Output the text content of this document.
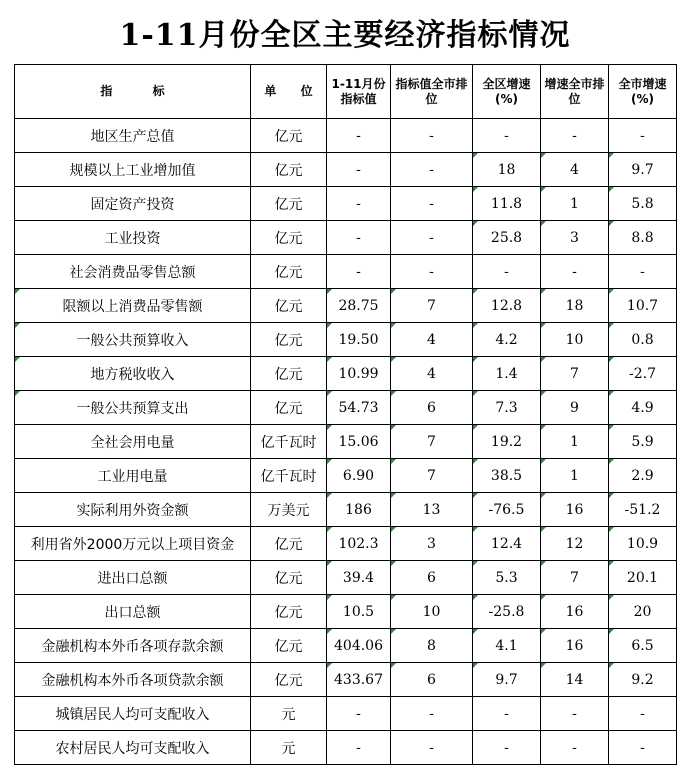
1-11月份全区主要经济指标情况
指 标	单 位	1-11月份指标值	指标值全市排位	全区增速(%)	增速全市排位	全市增速(%)
地区生产总值	亿元	-	-	-	-	-
规模以上工业增加值	亿元	-	-	18	4	9.7
固定资产投资	亿元	-	-	11.8	1	5.8
工业投资	亿元	-	-	25.8	3	8.8
社会消费品零售总额	亿元	-	-	-	-	-
限额以上消费品零售额	亿元	28.75	7	12.8	18	10.7
一般公共预算收入	亿元	19.50	4	4.2	10	0.8
地方税收收入	亿元	10.99	4	1.4	7	-2.7
一般公共预算支出	亿元	54.73	6	7.3	9	4.9
全社会用电量	亿千瓦时	15.06	7	19.2	1	5.9
工业用电量	亿千瓦时	6.90	7	38.5	1	2.9
实际利用外资金额	万美元	186	13	-76.5	16	-51.2
利用省外2000万元以上项目资金	亿元	102.3	3	12.4	12	10.9
进出口总额	亿元	39.4	6	5.3	7	20.1
出口总额	亿元	10.5	10	-25.8	16	20
金融机构本外币各项存款余额	亿元	404.06	8	4.1	16	6.5
金融机构本外币各项贷款余额	亿元	433.67	6	9.7	14	9.2
城镇居民人均可支配收入	元	-	-	-	-	-
农村居民人均可支配收入	元	-	-	-	-	-
